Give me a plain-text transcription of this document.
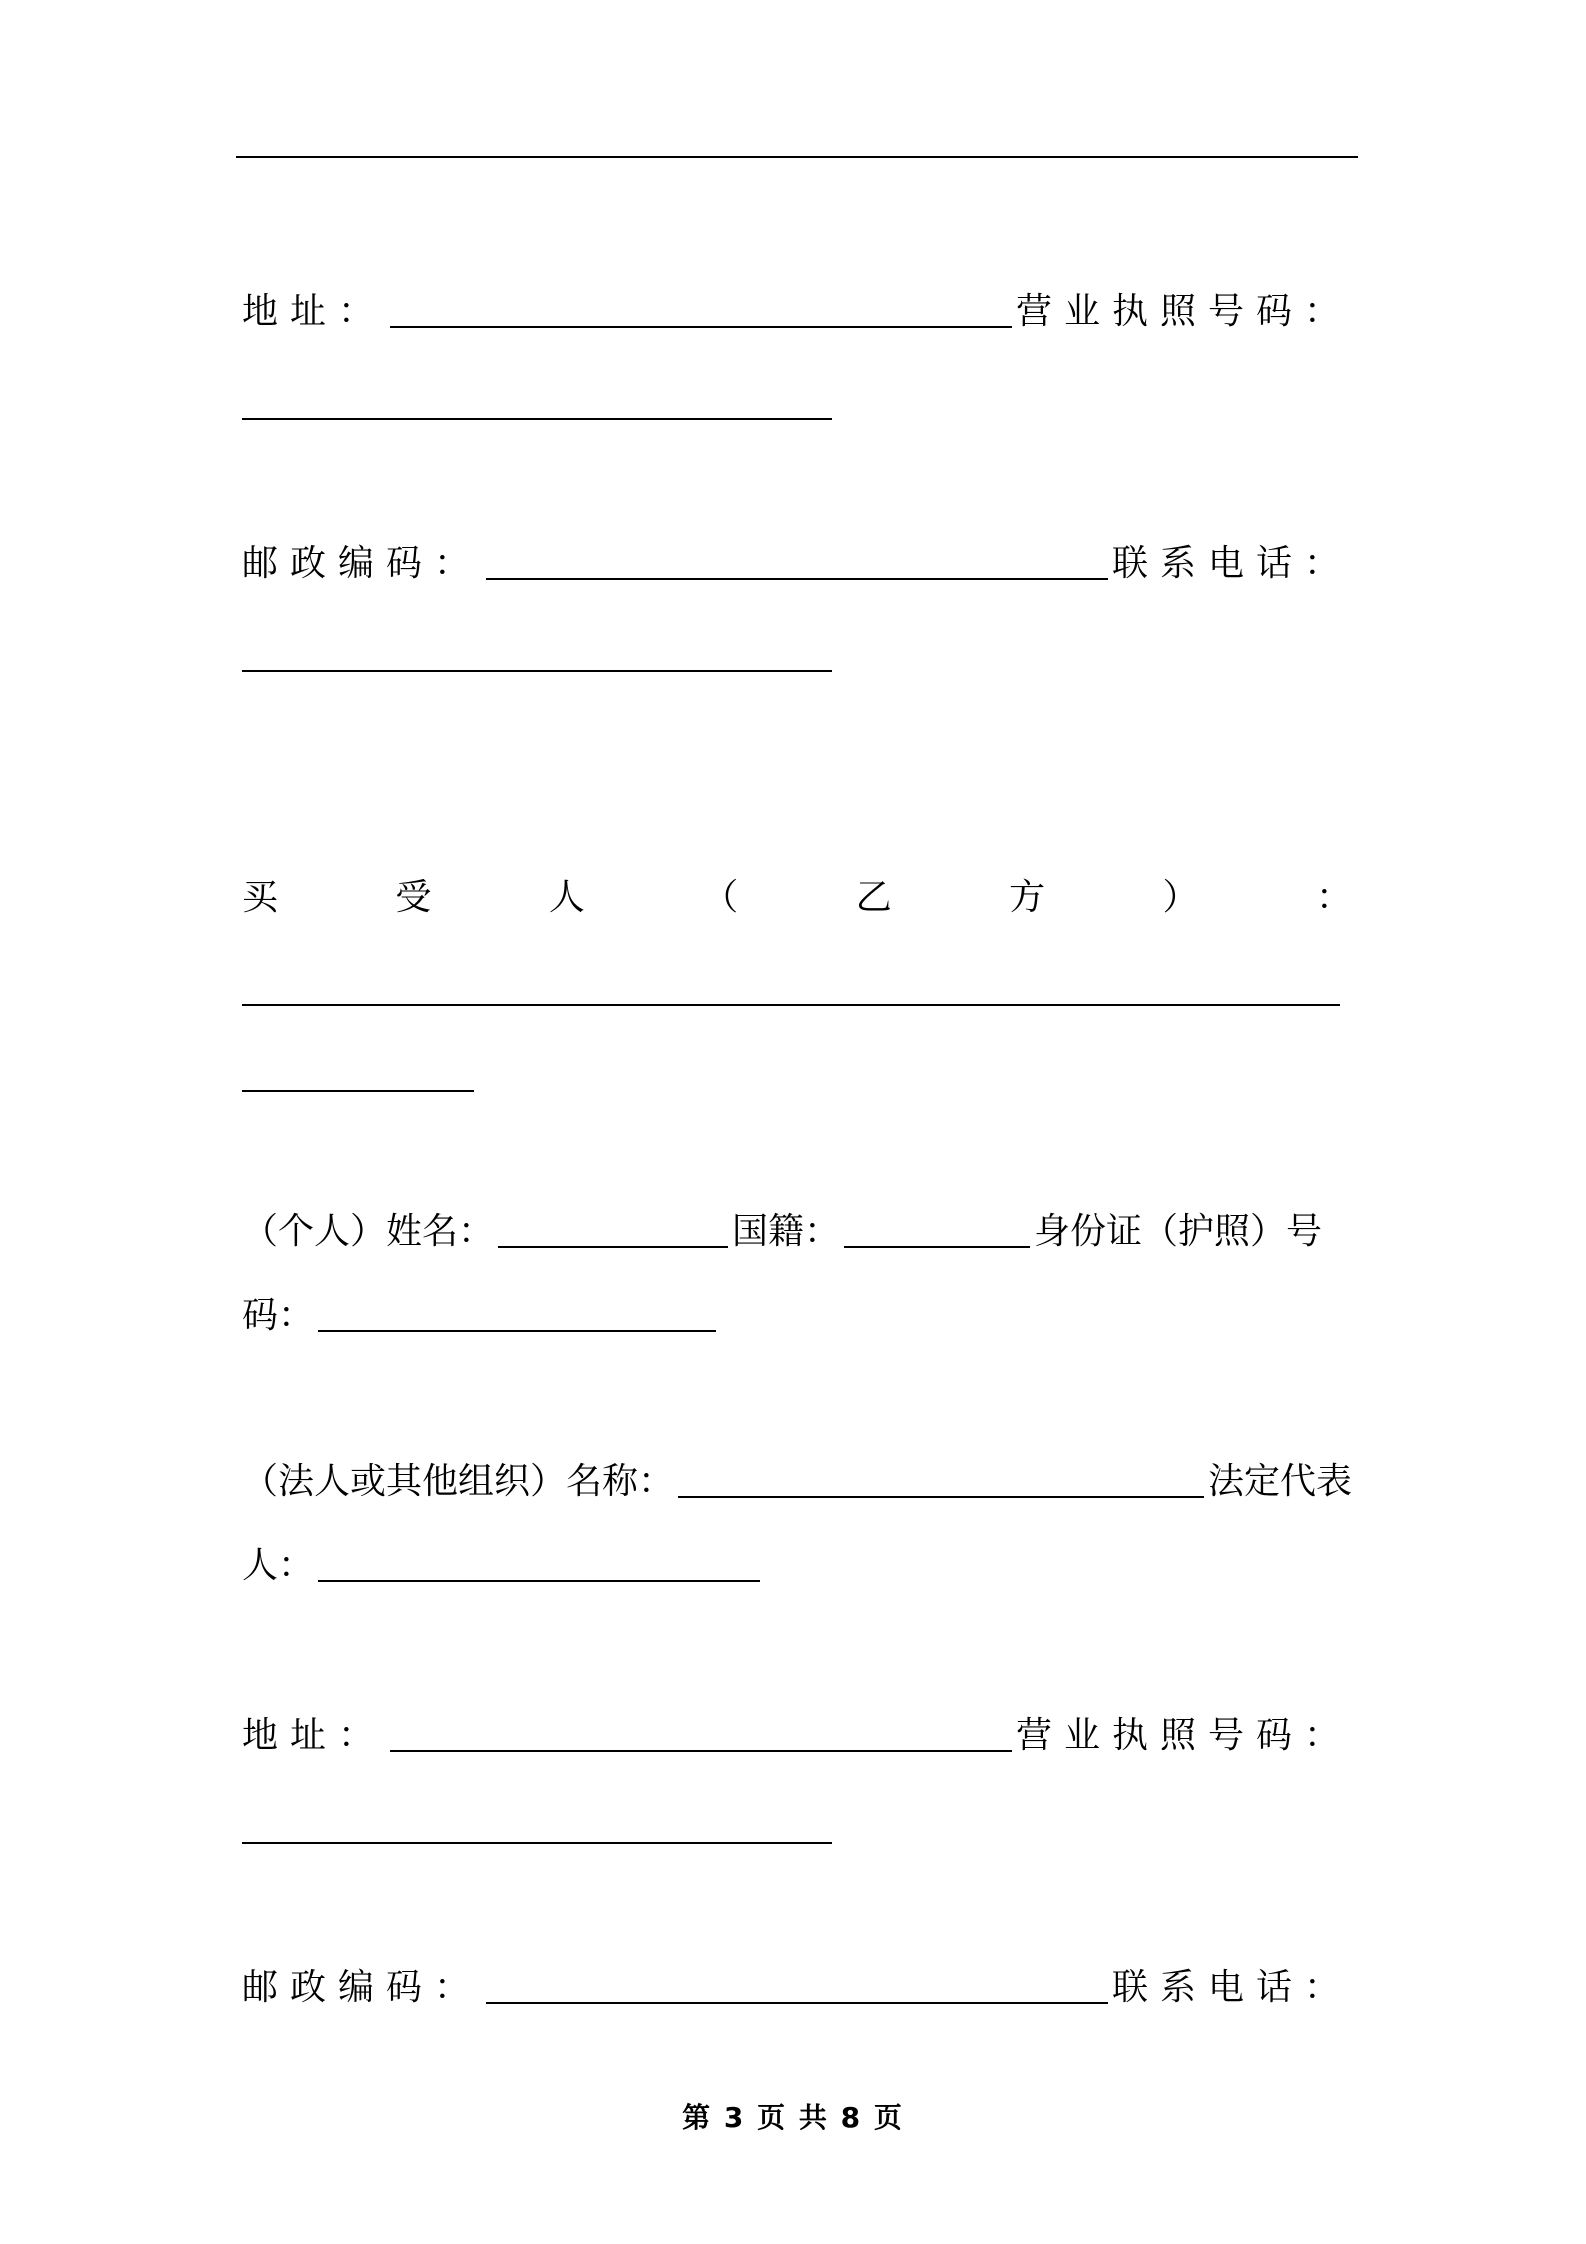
地址：	营业执照号码：
邮政编码：	联系电话：
买	受	人	（	乙	方	）	：
（个人）姓名：	国籍：	身份证（护照）号
码：
（法人或其他组织）名称：	法定代表
人：
地址：	营业执照号码：
邮政编码：	联系电话：
第 3 页 共 8 页
